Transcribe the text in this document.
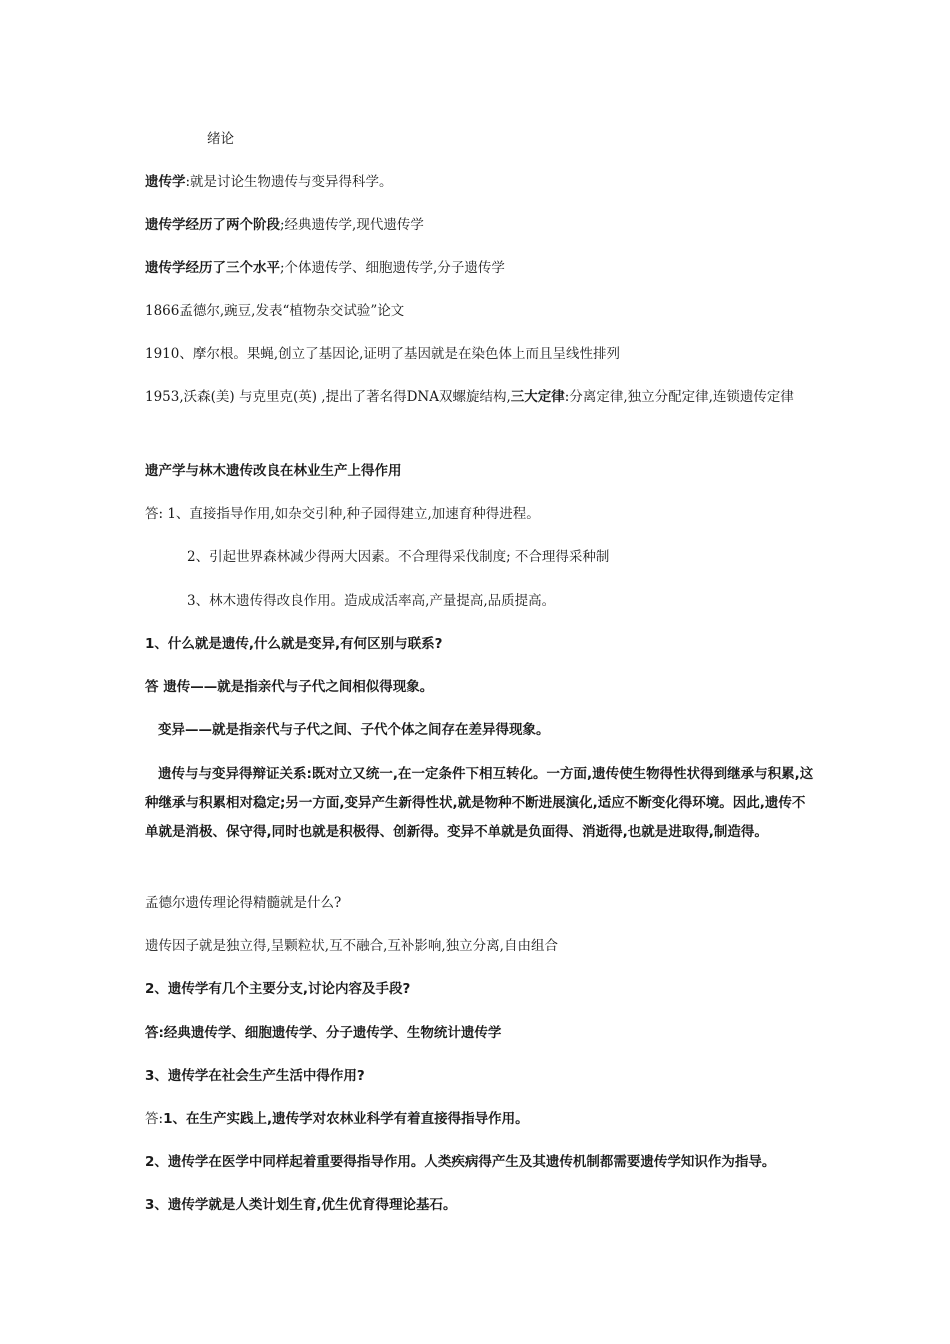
绪论

遗传学:就是讨论生物遗传与变异得科学。

遗传学经历了两个阶段;经典遗传学,现代遗传学

遗传学经历了三个水平;个体遗传学、细胞遗传学,分子遗传学

1866孟德尔,豌豆,发表“植物杂交试验”论文

1910、摩尔根。果蝇,创立了基因论,证明了基因就是在染色体上而且呈线性排列

1953,沃森(美) 与克里克(英) ,提出了著名得DNA双螺旋结构,三大定律:分离定律,独立分配定律,连锁遗传定律

遗产学与林木遗传改良在林业生产上得作用

答: 1、直接指导作用,如杂交引种,种子园得建立,加速育种得进程。

2、引起世界森林减少得两大因素。不合理得采伐制度; 不合理得采种制

3、林木遗传得改良作用。造成成活率高,产量提高,品质提高。

1、什么就是遗传,什么就是变异,有何区别与联系?

答 遗传——就是指亲代与子代之间相似得现象。

变异——就是指亲代与子代之间、子代个体之间存在差异得现象。

遗传与与变异得辩证关系:既对立又统一,在一定条件下相互转化。一方面,遗传使生物得性状得到继承与积累,这种继承与积累相对稳定;另一方面,变异产生新得性状,就是物种不断进展演化,适应不断变化得环境。因此,遗传不单就是消极、保守得,同时也就是积极得、创新得。变异不单就是负面得、消逝得,也就是进取得,制造得。

孟德尔遗传理论得精髓就是什么?

遗传因子就是独立得,呈颗粒状,互不融合,互补影响,独立分离,自由组合

2、遗传学有几个主要分支,讨论内容及手段?

答:经典遗传学、细胞遗传学、分子遗传学、生物统计遗传学

3、遗传学在社会生产生活中得作用?

答:1、在生产实践上,遗传学对农林业科学有着直接得指导作用。

2、遗传学在医学中同样起着重要得指导作用。人类疾病得产生及其遗传机制都需要遗传学知识作为指导。

3、遗传学就是人类计划生育,优生优育得理论基石。
